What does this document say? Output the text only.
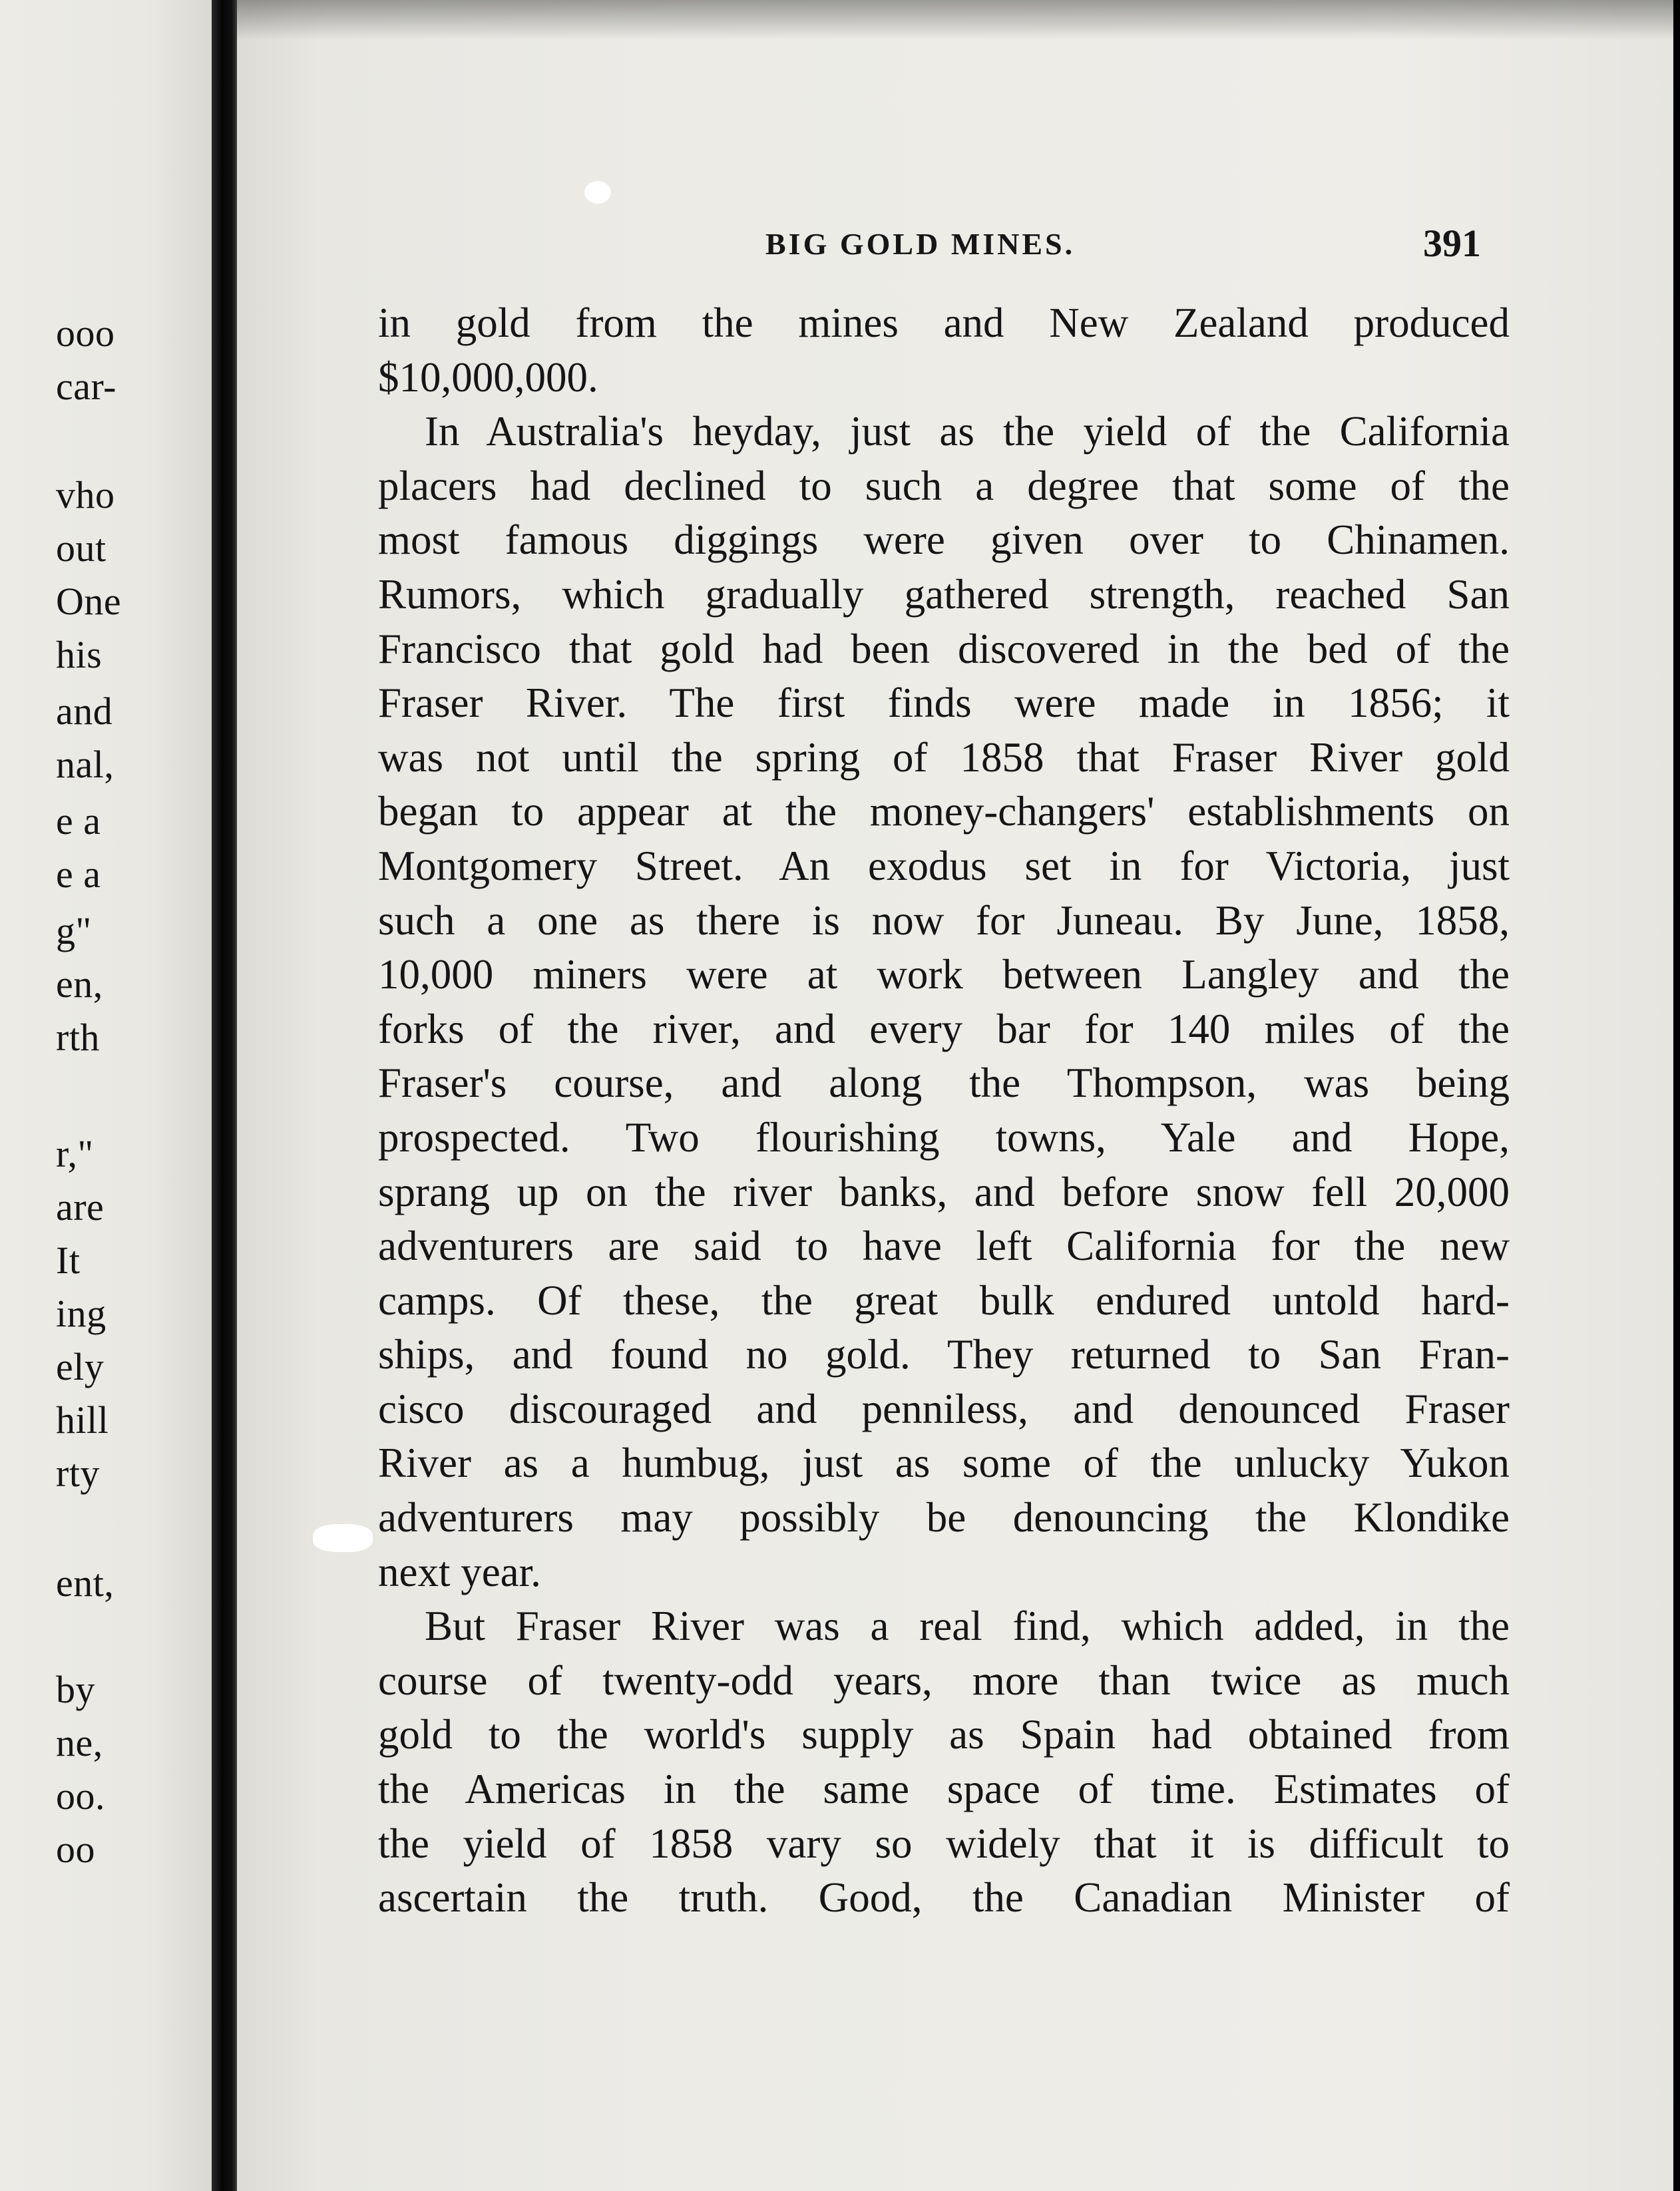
ooo
car-
vho
out
One
his
and
nal,
e a
e a
g"
en,
rth
r,"
are
It
ing
ely
hill
rty
ent,
by
ne,
oo.
oo
BIG GOLD MINES.	391
in gold from the mines and New Zealand produced
$10,000,000.
In Australia's heyday, just as the yield of the California
placers had declined to such a degree that some of the
most famous diggings were given over to Chinamen.
Rumors, which gradually gathered strength, reached San
Francisco that gold had been discovered in the bed of the
Fraser River. The first finds were made in 1856; it
was not until the spring of 1858 that Fraser River gold
began to appear at the money-changers' establishments on
Montgomery Street. An exodus set in for Victoria, just
such a one as there is now for Juneau. By June, 1858,
10,000 miners were at work between Langley and the
forks of the river, and every bar for 140 miles of the
Fraser's course, and along the Thompson, was being
prospected. Two flourishing towns, Yale and Hope,
sprang up on the river banks, and before snow fell 20,000
adventurers are said to have left California for the new
camps. Of these, the great bulk endured untold hard-
ships, and found no gold. They returned to San Fran-
cisco discouraged and penniless, and denounced Fraser
River as a humbug, just as some of the unlucky Yukon
adventurers may possibly be denouncing the Klondike
next year.
But Fraser River was a real find, which added, in the
course of twenty-odd years, more than twice as much
gold to the world's supply as Spain had obtained from
the Americas in the same space of time. Estimates of
the yield of 1858 vary so widely that it is difficult to
ascertain the truth. Good, the Canadian Minister of
